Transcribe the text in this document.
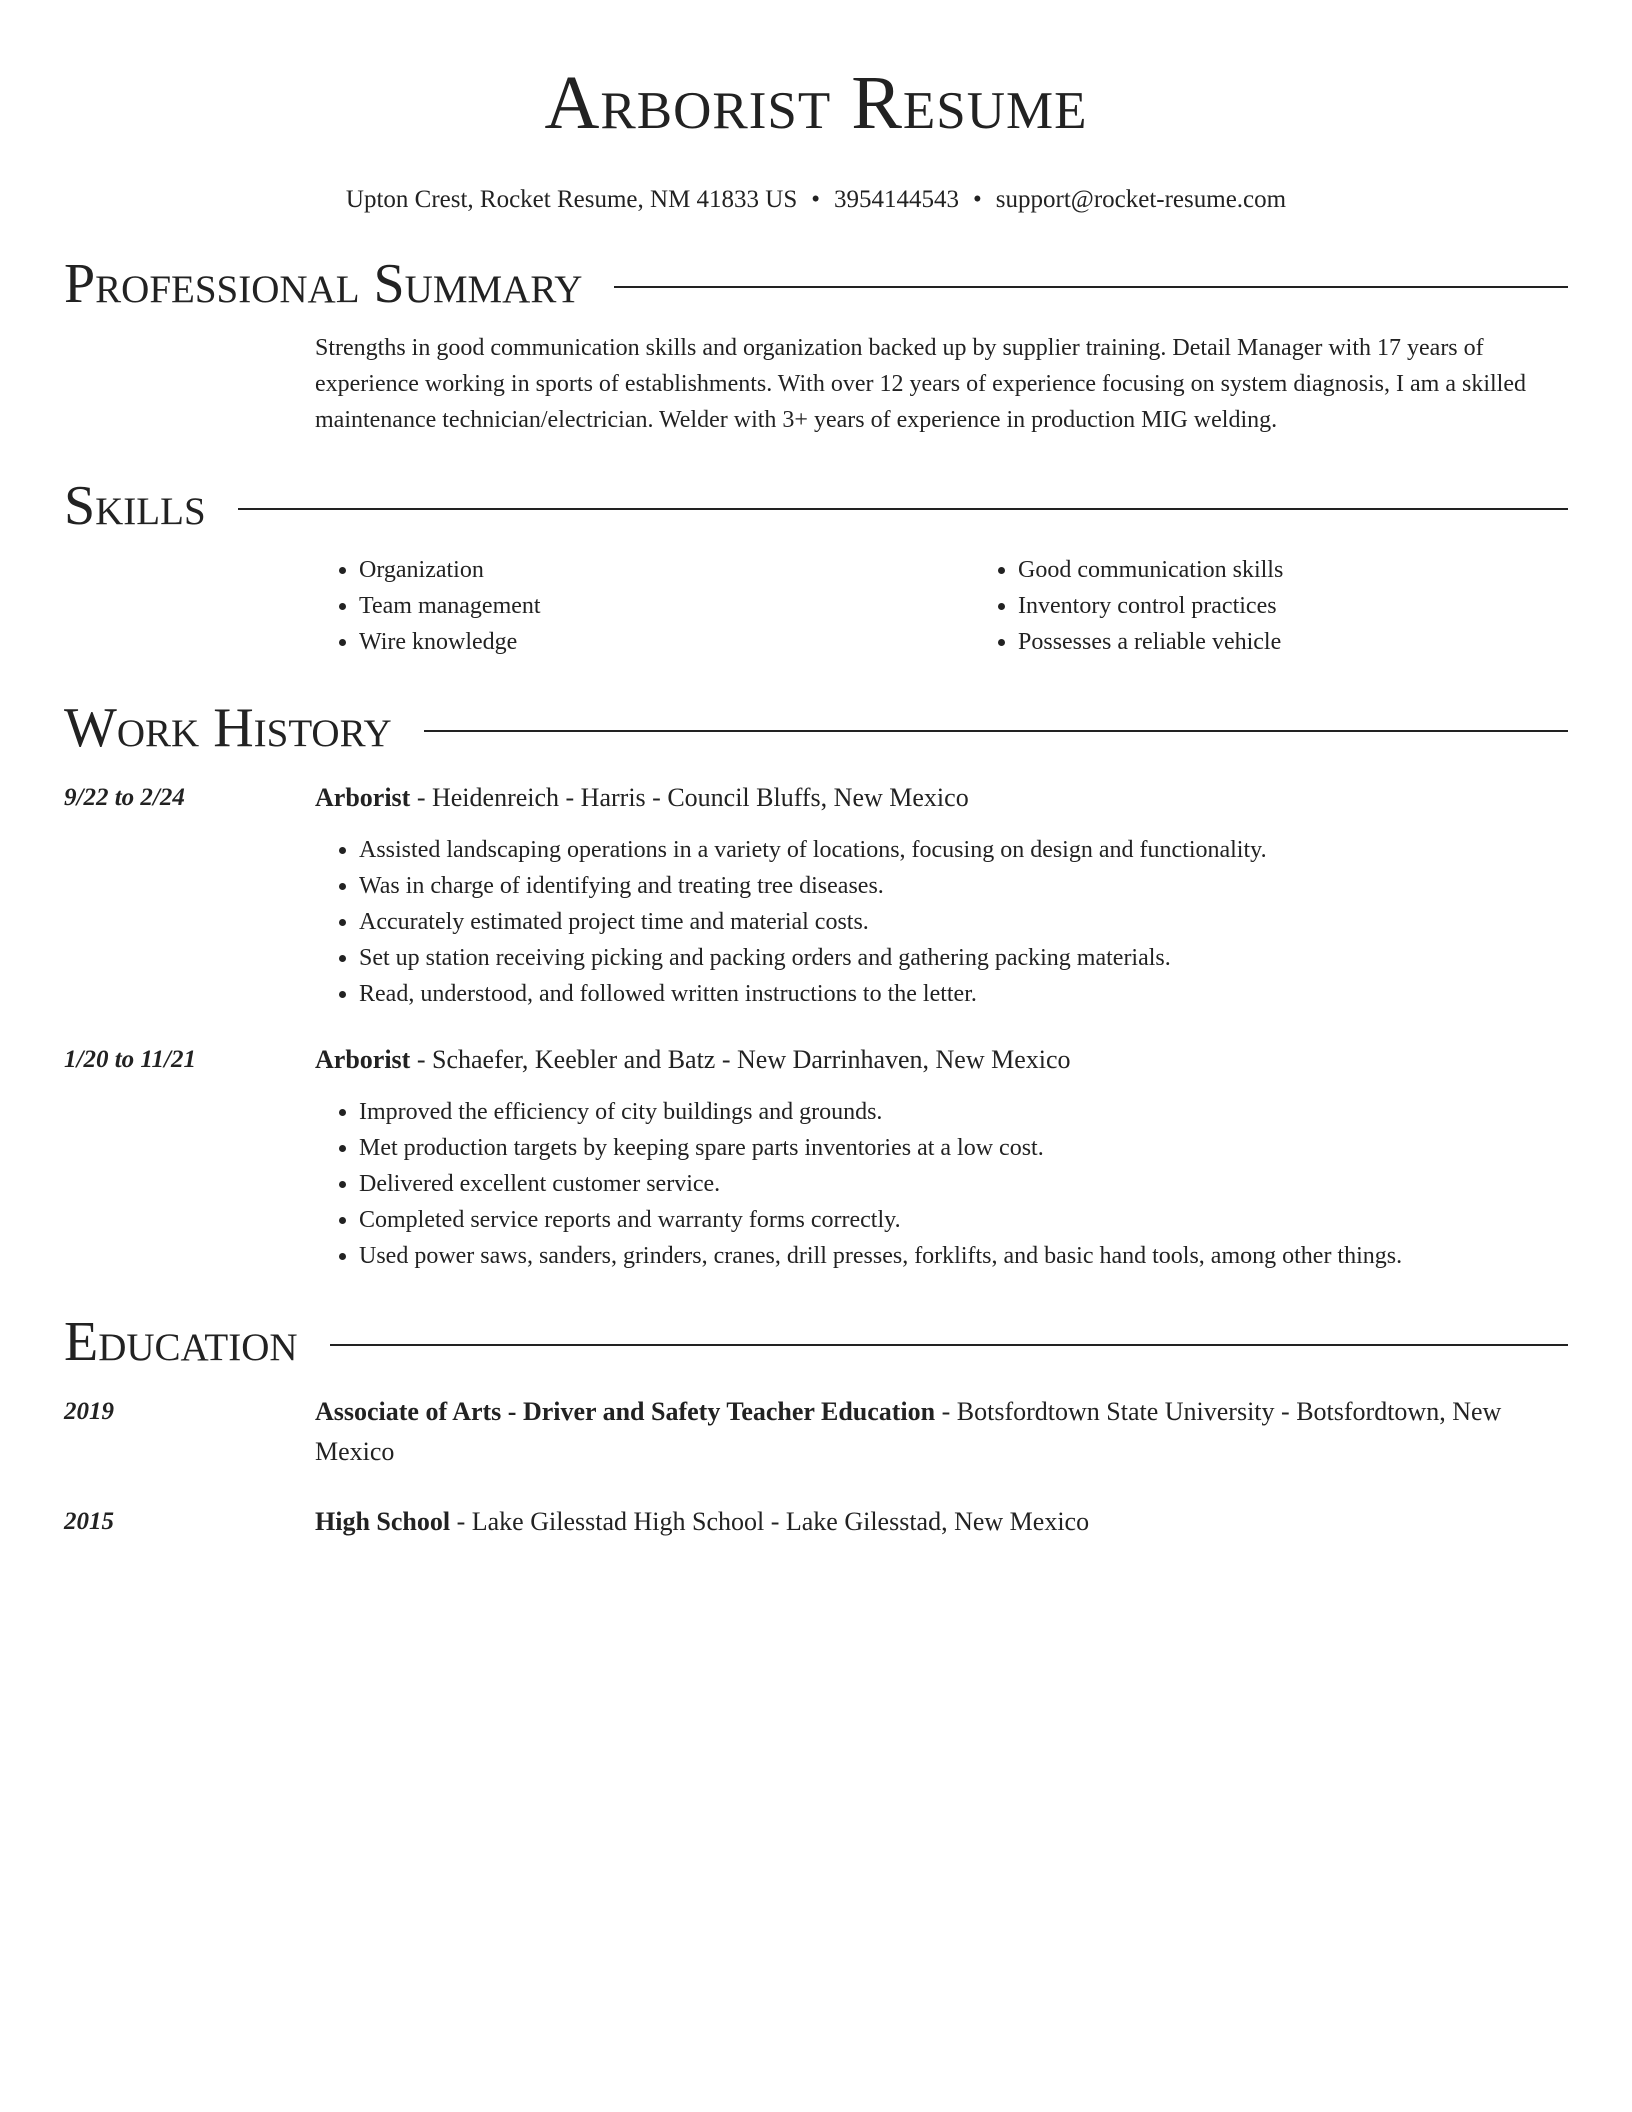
Arborist Resume
Upton Crest, Rocket Resume, NM 41833 US • 3954144543 • support@rocket-resume.com
Professional Summary
Strengths in good communication skills and organization backed up by supplier training. Detail Manager with 17 years of experience working in sports of establishments. With over 12 years of experience focusing on system diagnosis, I am a skilled maintenance technician/electrician. Welder with 3+ years of experience in production MIG welding.
Skills
• Organization
• Team management
• Wire knowledge
• Good communication skills
• Inventory control practices
• Possesses a reliable vehicle
Work History
9/22 to 2/24	Arborist - Heidenreich - Harris - Council Bluffs, New Mexico
• Assisted landscaping operations in a variety of locations, focusing on design and functionality.
• Was in charge of identifying and treating tree diseases.
• Accurately estimated project time and material costs.
• Set up station receiving picking and packing orders and gathering packing materials.
• Read, understood, and followed written instructions to the letter.
1/20 to 11/21	Arborist - Schaefer, Keebler and Batz - New Darrinhaven, New Mexico
• Improved the efficiency of city buildings and grounds.
• Met production targets by keeping spare parts inventories at a low cost.
• Delivered excellent customer service.
• Completed service reports and warranty forms correctly.
• Used power saws, sanders, grinders, cranes, drill presses, forklifts, and basic hand tools, among other things.
Education
2019	Associate of Arts - Driver and Safety Teacher Education - Botsfordtown State University - Botsfordtown, New Mexico
2015	High School - Lake Gilesstad High School - Lake Gilesstad, New Mexico
